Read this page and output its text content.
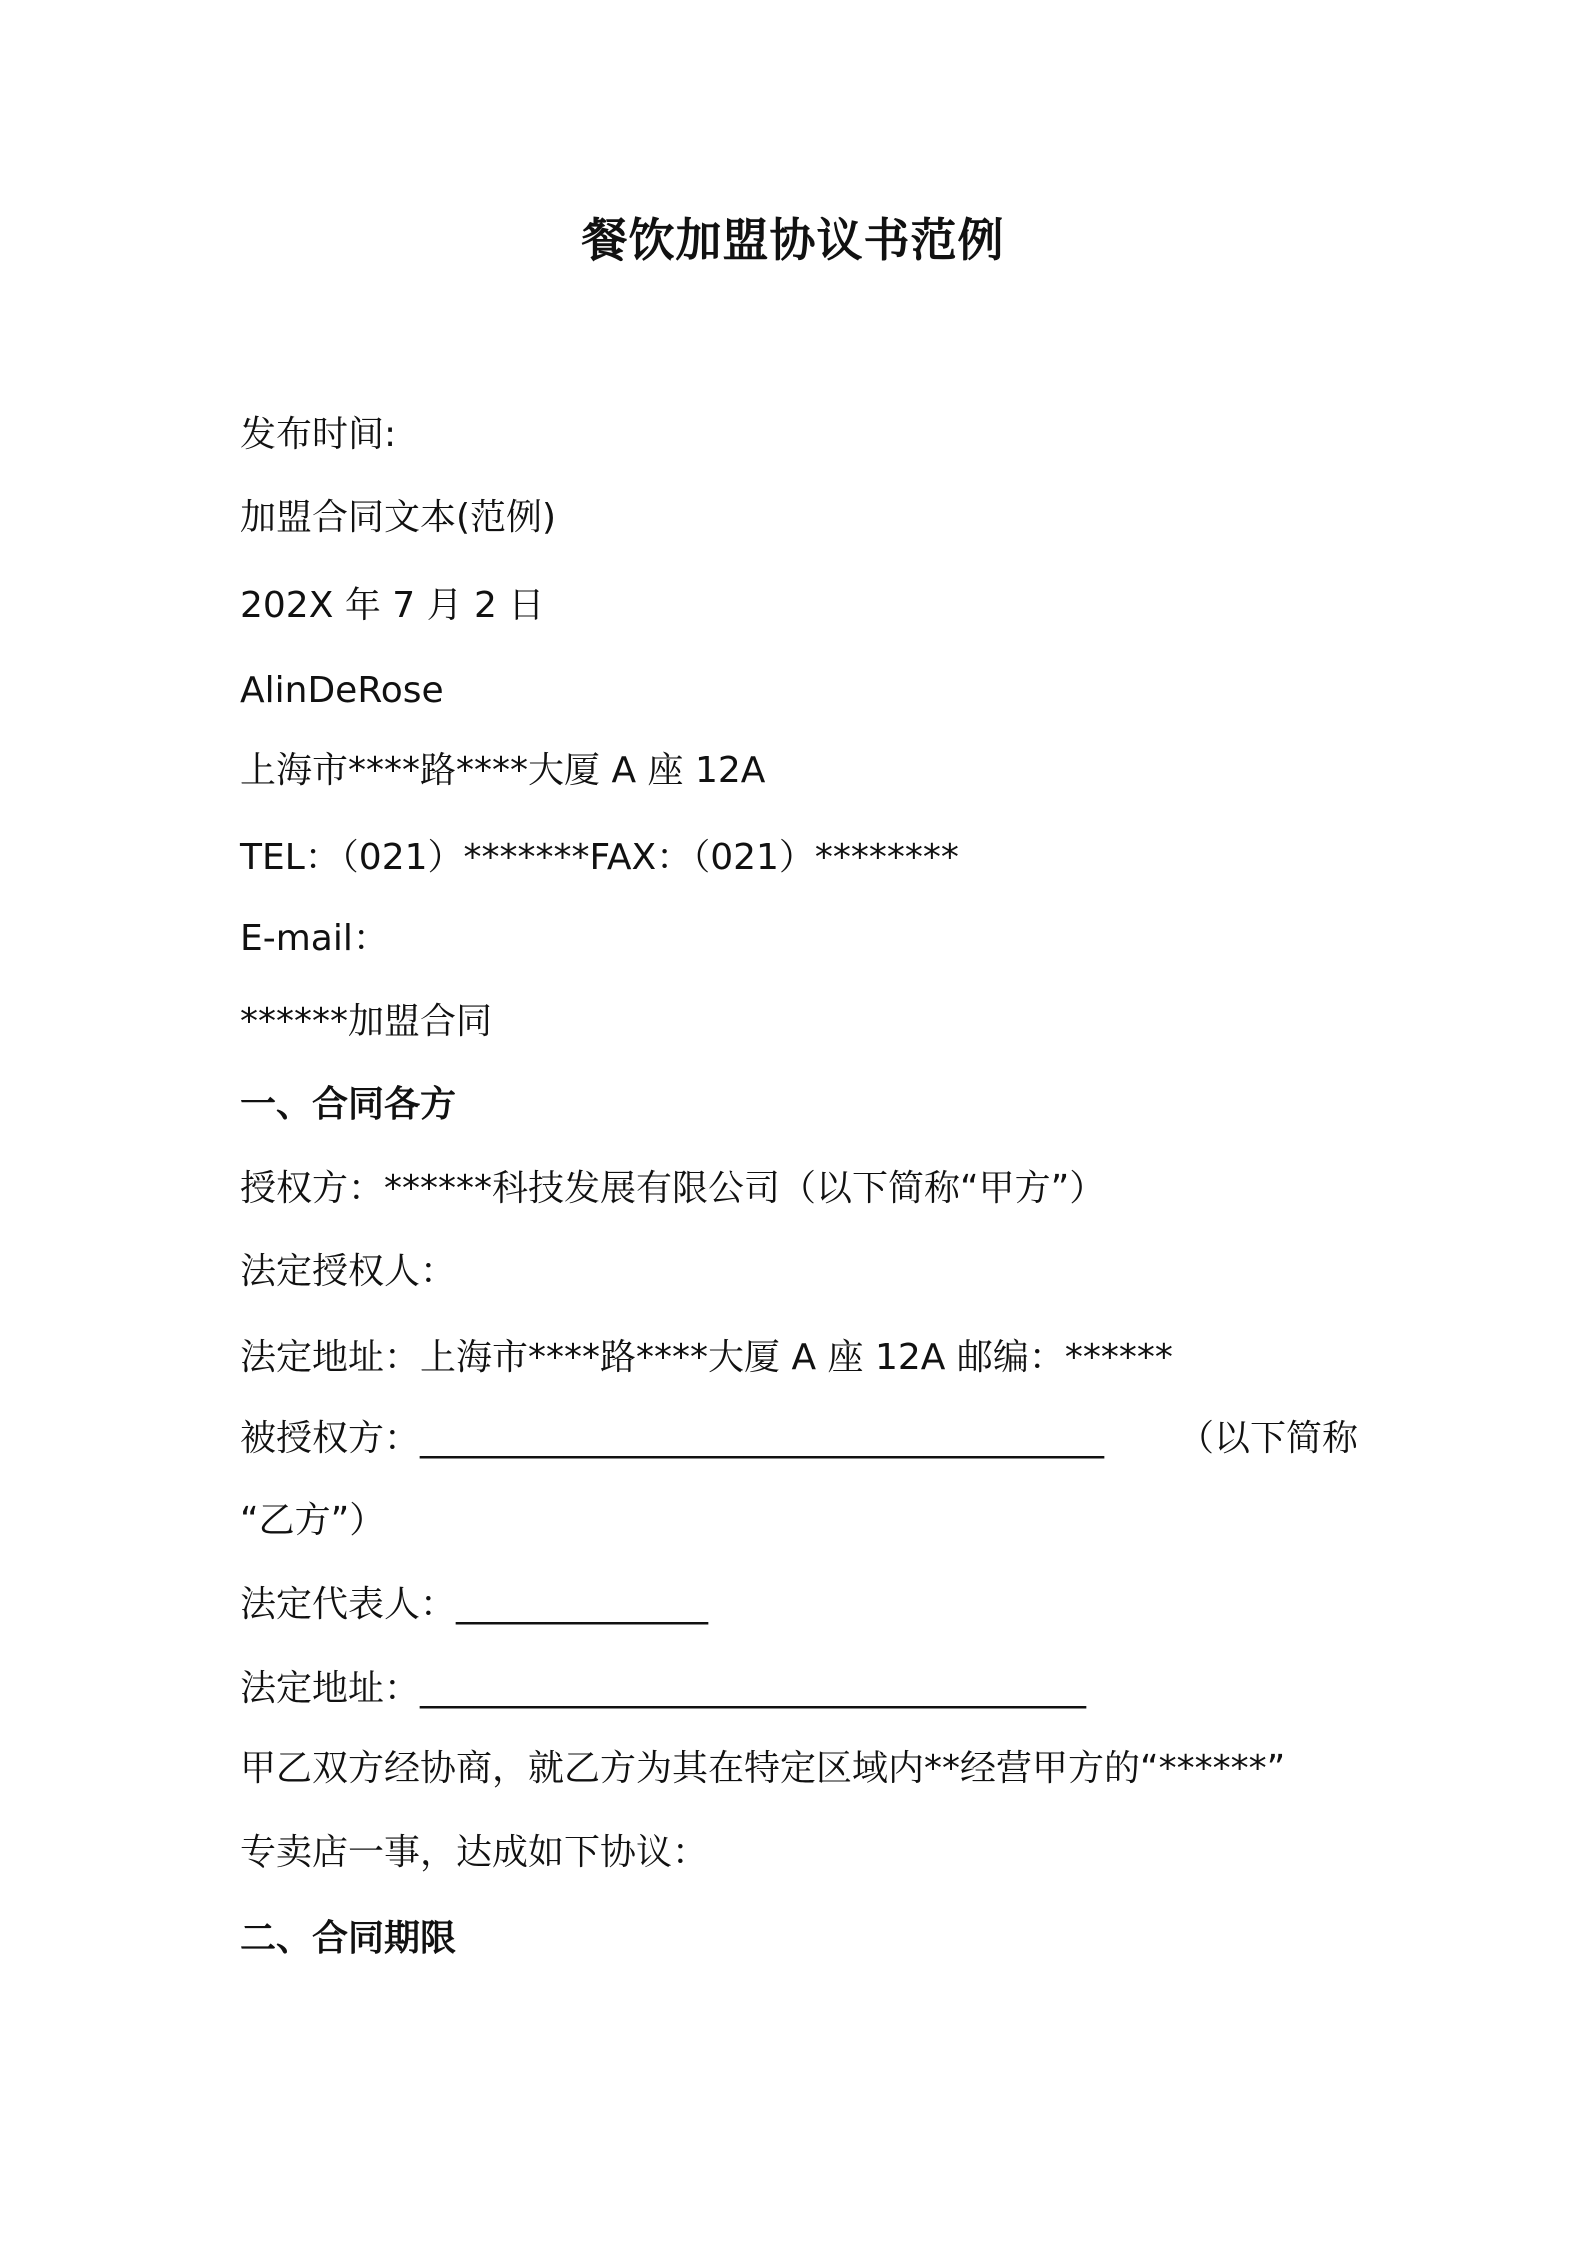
餐饮加盟协议书范例
发布时间:
加盟合同文本(范例)
202X 年 7 月 2 日
AlinDeRose
上海市****路****大厦 A 座 12A
TEL：（021）*******FAX：（021）********
E-mail：
******加盟合同
一、合同各方
授权方：******科技发展有限公司（以下简称“甲方”）
法定授权人：
法定地址：上海市****路****大厦 A 座 12A 邮编：******
被授权方：______________________________________ （以下简称
“乙方”）
法定代表人：______________
法定地址：_____________________________________
甲乙双方经协商，就乙方为其在特定区域内**经营甲方的“******”
专卖店一事，达成如下协议：
二、合同期限
